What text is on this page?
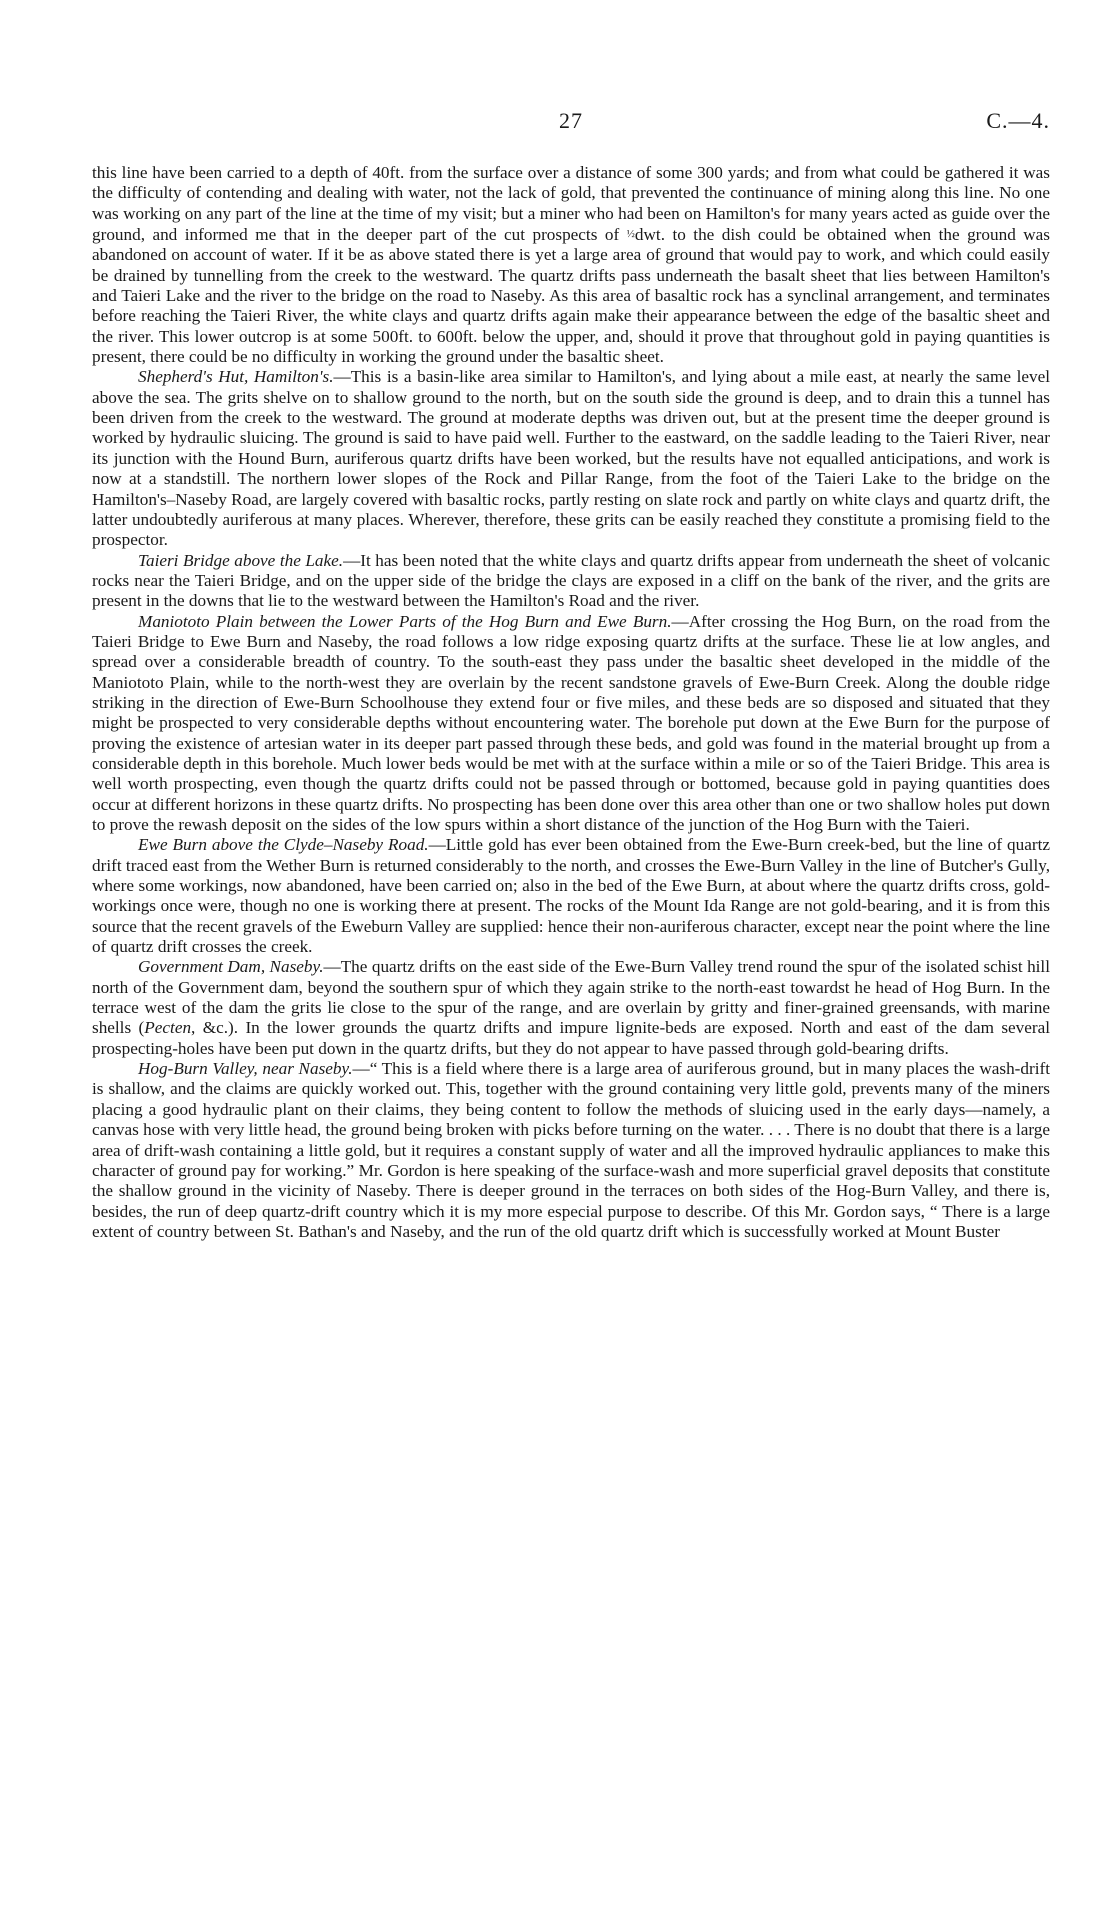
27	C.—4.

this line have been carried to a depth of 40ft. from the surface over a distance of some 300 yards; and from what could be gathered it was the difficulty of contending and dealing with water, not the lack of gold, that prevented the continuance of mining along this line. No one was working on any part of the line at the time of my visit; but a miner who had been on Hamilton's for many years acted as guide over the ground, and informed me that in the deeper part of the cut prospects of ½dwt. to the dish could be obtained when the ground was abandoned on account of water. If it be as above stated there is yet a large area of ground that would pay to work, and which could easily be drained by tunnelling from the creek to the westward. The quartz drifts pass underneath the basalt sheet that lies between Hamilton's and Taieri Lake and the river to the bridge on the road to Naseby. As this area of basaltic rock has a synclinal arrangement, and terminates before reaching the Taieri River, the white clays and quartz drifts again make their appearance between the edge of the basaltic sheet and the river. This lower outcrop is at some 500ft. to 600ft. below the upper, and, should it prove that throughout gold in paying quantities is present, there could be no difficulty in working the ground under the basaltic sheet.

Shepherd's Hut, Hamilton's.—This is a basin-like area similar to Hamilton's, and lying about a mile east, at nearly the same level above the sea. The grits shelve on to shallow ground to the north, but on the south side the ground is deep, and to drain this a tunnel has been driven from the creek to the westward. The ground at moderate depths was driven out, but at the present time the deeper ground is worked by hydraulic sluicing. The ground is said to have paid well. Further to the eastward, on the saddle leading to the Taieri River, near its junction with the Hound Burn, auriferous quartz drifts have been worked, but the results have not equalled anticipations, and work is now at a standstill. The northern lower slopes of the Rock and Pillar Range, from the foot of the Taieri Lake to the bridge on the Hamilton's–Naseby Road, are largely covered with basaltic rocks, partly resting on slate rock and partly on white clays and quartz drift, the latter undoubtedly auriferous at many places. Wherever, therefore, these grits can be easily reached they constitute a promising field to the prospector.

Taieri Bridge above the Lake.—It has been noted that the white clays and quartz drifts appear from underneath the sheet of volcanic rocks near the Taieri Bridge, and on the upper side of the bridge the clays are exposed in a cliff on the bank of the river, and the grits are present in the downs that lie to the westward between the Hamilton's Road and the river.

Maniototo Plain between the Lower Parts of the Hog Burn and Ewe Burn.—After crossing the Hog Burn, on the road from the Taieri Bridge to Ewe Burn and Naseby, the road follows a low ridge exposing quartz drifts at the surface. These lie at low angles, and spread over a considerable breadth of country. To the south-east they pass under the basaltic sheet developed in the middle of the Maniototo Plain, while to the north-west they are overlain by the recent sandstone gravels of Ewe-Burn Creek. Along the double ridge striking in the direction of Ewe-Burn Schoolhouse they extend four or five miles, and these beds are so disposed and situated that they might be prospected to very considerable depths without encountering water. The borehole put down at the Ewe Burn for the purpose of proving the existence of artesian water in its deeper part passed through these beds, and gold was found in the material brought up from a considerable depth in this borehole. Much lower beds would be met with at the surface within a mile or so of the Taieri Bridge. This area is well worth prospecting, even though the quartz drifts could not be passed through or bottomed, because gold in paying quantities does occur at different horizons in these quartz drifts. No prospecting has been done over this area other than one or two shallow holes put down to prove the rewash deposit on the sides of the low spurs within a short distance of the junction of the Hog Burn with the Taieri.

Ewe Burn above the Clyde–Naseby Road.—Little gold has ever been obtained from the Ewe-Burn creek-bed, but the line of quartz drift traced east from the Wether Burn is returned considerably to the north, and crosses the Ewe-Burn Valley in the line of Butcher's Gully, where some workings, now abandoned, have been carried on; also in the bed of the Ewe Burn, at about where the quartz drifts cross, gold-workings once were, though no one is working there at present. The rocks of the Mount Ida Range are not gold-bearing, and it is from this source that the recent gravels of the Eweburn Valley are supplied: hence their non-auriferous character, except near the point where the line of quartz drift crosses the creek.

Government Dam, Naseby.—The quartz drifts on the east side of the Ewe-Burn Valley trend round the spur of the isolated schist hill north of the Government dam, beyond the southern spur of which they again strike to the north-east towardst he head of Hog Burn. In the terrace west of the dam the grits lie close to the spur of the range, and are overlain by gritty and finer-grained greensands, with marine shells (Pecten, &c.). In the lower grounds the quartz drifts and impure lignite-beds are exposed. North and east of the dam several prospecting-holes have been put down in the quartz drifts, but they do not appear to have passed through gold-bearing drifts.

Hog-Burn Valley, near Naseby.—“ This is a field where there is a large area of auriferous ground, but in many places the wash-drift is shallow, and the claims are quickly worked out. This, together with the ground containing very little gold, prevents many of the miners placing a good hydraulic plant on their claims, they being content to follow the methods of sluicing used in the early days—namely, a canvas hose with very little head, the ground being broken with picks before turning on the water. . . . There is no doubt that there is a large area of drift-wash containing a little gold, but it requires a constant supply of water and all the improved hydraulic appliances to make this character of ground pay for working.” Mr. Gordon is here speaking of the surface-wash and more superficial gravel deposits that constitute the shallow ground in the vicinity of Naseby. There is deeper ground in the terraces on both sides of the Hog-Burn Valley, and there is, besides, the run of deep quartz-drift country which it is my more especial purpose to describe. Of this Mr. Gordon says, “ There is a large extent of country between St. Bathan's and Naseby, and the run of the old quartz drift which is successfully worked at Mount Buster
